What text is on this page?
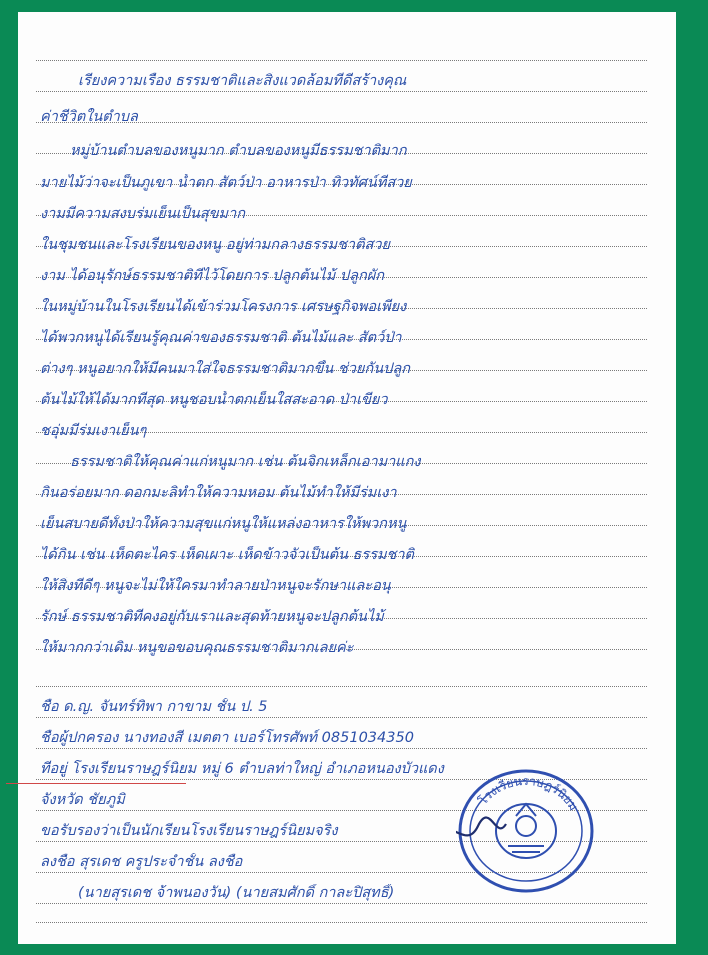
เรียงความเรื่อง ธรรมชาติและสิ่งแวดล้อมที่ดีสร้างคุณ
ค่าชีวิตในตำบล
หมู่บ้านตำบลของหนูมาก ตำบลของหนูมีธรรมชาติมาก
มายไม้ว่าจะเป็นภูเขา น้ำตก สัตว์ป่า อาหารป่า ทิวทัศน์ที่สวย
งามมีความสงบร่มเย็นเป็นสุขมาก
ในชุมชนและโรงเรียนของหนู อยู่ท่ามกลางธรรมชาติสวย
งาม ได้อนุรักษ์ธรรมชาติที่ไว้โดยการ ปลูกต้นไม้ ปลูกผัก
ในหมู่บ้านในโรงเรียนได้เข้าร่วมโครงการ เศรษฐกิจพอเพียง
ได้พวกหนูได้เรียนรู้คุณค่าของธรรมชาติ ต้นไม้และ สัตว์ป่า
ต่างๆ หนูอยากให้มีคนมาใส่ใจธรรมชาติมากขึ้น ช่วยกันปลูก
ต้นไม้ให้ได้มากที่สุด หนูชอบน้ำตกเย็นใสสะอาด ป่าเขียว
ชอุ่มมีร่มเงาเย็นๆ
ธรรมชาติให้คุณค่าแก่หนูมาก เช่น ต้นจิกเหล็กเอามาแกง
กินอร่อยมาก ดอกมะลิทำให้ความหอม ต้นไม้ทำให้มีร่มเงา
เย็นสบายดีทั้งป่าให้ความสุขแก่หนูให้แหล่งอาหารให้พวกหนู
ได้กิน เช่น เห็ดตะไคร เห็ดเผาะ เห็ดข้าวจัวเป็นต้น ธรรมชาติ
ให้สิ่งที่ดีๆ หนูจะไม่ให้ใครมาทำลายป่าหนูจะรักษาและอนุ
รักษ์ ธรรมชาติที่คงอยู่กับเราและสุดท้ายหนูจะปลูกต้นไม้
ให้มากกว่าเดิม หนูขอขอบคุณธรรมชาติมากเลยค่ะ
ชื่อ ด.ญ. จันทร์ทิพา กาขาม ชั้น ป. 5
ชื่อผู้ปกครอง นางทองสี เมตตา เบอร์โทรศัพท์ 0851034350
ที่อยู่ โรงเรียนราษฎร์นิยม หมู่ 6 ตำบลท่าใหญ่ อำเภอหนองบัวแดง
จังหวัด ชัยภูมิ
ขอรับรองว่าเป็นนักเรียนโรงเรียนราษฎร์นิยมจริง
ลงชื่อ สุรเดช ครูประจำชั้น ลงชื่อ
(นายสุรเดช จ้าพนองวัน) (นายสมศักดิ์ กาละปิสุทธิ์)
โรงเรียนราษฎร์นิยม
